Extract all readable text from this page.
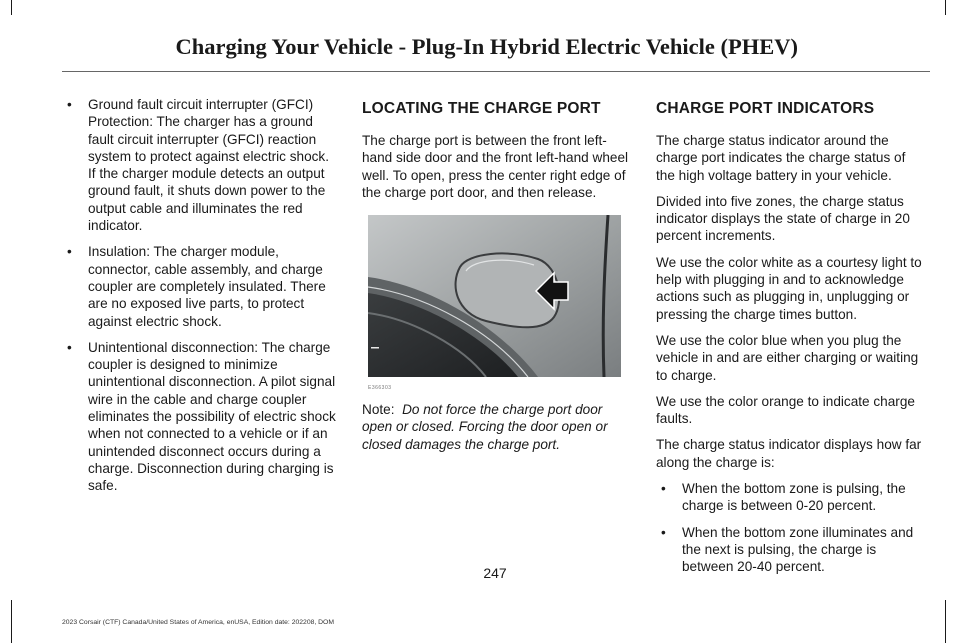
Charging Your Vehicle - Plug-In Hybrid Electric Vehicle (PHEV)
• Ground fault circuit interrupter (GFCI) Protection: The charger has a ground fault circuit interrupter (GFCI) reaction system to protect against electric shock. If the charger module detects an output ground fault, it shuts down power to the output cable and illuminates the red indicator.
• Insulation: The charger module, connector, cable assembly, and charge coupler are completely insulated. There are no exposed live parts, to protect against electric shock.
• Unintentional disconnection: The charge coupler is designed to minimize unintentional disconnection. A pilot signal wire in the cable and charge coupler eliminates the possibility of electric shock when not connected to a vehicle or if an unintended disconnect occurs during a charge. Disconnection during charging is safe.
LOCATING THE CHARGE PORT

The charge port is between the front left-hand side door and the front left-hand wheel well. To open, press the center right edge of the charge port door, and then release.

E366303

Note: Do not force the charge port door open or closed. Forcing the door open or closed damages the charge port.

CHARGE PORT INDICATORS

The charge status indicator around the charge port indicates the charge status of the high voltage battery in your vehicle.

Divided into five zones, the charge status indicator displays the state of charge in 20 percent increments.

We use the color white as a courtesy light to help with plugging in and to acknowledge actions such as plugging in, unplugging or pressing the charge times button.

We use the color blue when you plug the vehicle in and are either charging or waiting to charge.

We use the color orange to indicate charge faults.

The charge status indicator displays how far along the charge is:

• When the bottom zone is pulsing, the charge is between 0-20 percent.
• When the bottom zone illuminates and the next is pulsing, the charge is between 20-40 percent.
247
2023 Corsair (CTF) Canada/United States of America, enUSA, Edition date: 202208, DOM
